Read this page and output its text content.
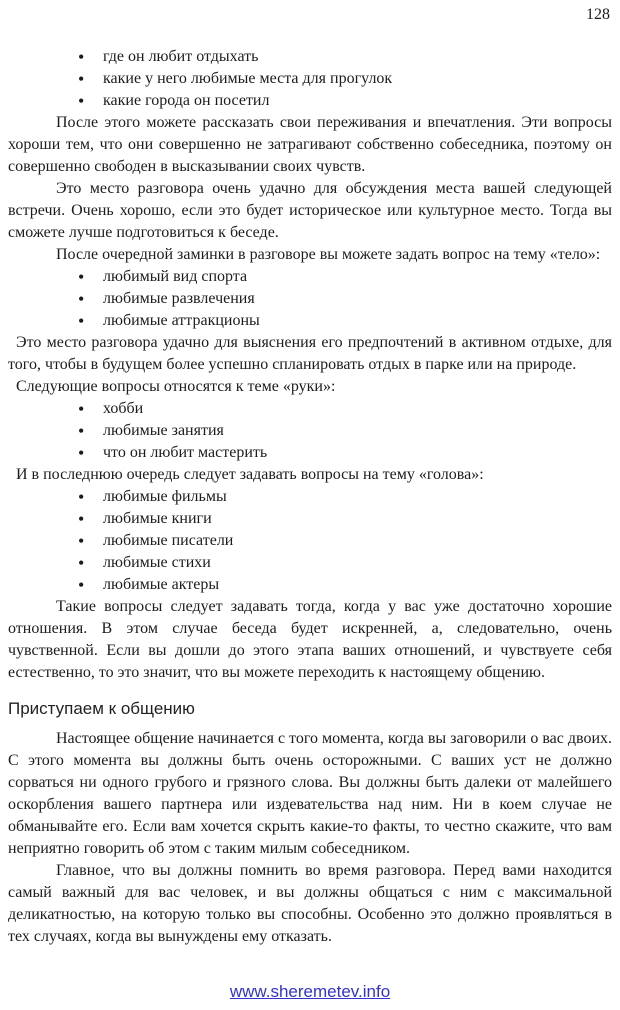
128
• где он любит отдыхать
• какие у него любимые места для прогулок
• какие города он посетил

После этого можете рассказать свои переживания и впечатления. Эти вопросы хороши тем, что они совершенно не затрагивают собственно собеседника, поэтому он совершенно свободен в высказывании своих чувств.

Это место разговора очень удачно для обсуждения места вашей следующей встречи. Очень хорошо, если это будет историческое или культурное место. Тогда вы сможете лучше подготовиться к беседе.

После очередной заминки в разговоре вы можете задать вопрос на тему «тело»:

• любимый вид спорта
• любимые развлечения
• любимые аттракционы

Это место разговора удачно для выяснения его предпочтений в активном отдыхе, для того, чтобы в будущем более успешно спланировать отдых в парке или на природе.

Следующие вопросы относятся к теме «руки»:

• хобби
• любимые занятия
• что он любит мастерить

И в последнюю очередь следует задавать вопросы на тему «голова»:

• любимые фильмы
• любимые книги
• любимые писатели
• любимые стихи
• любимые актеры

Такие вопросы следует задавать тогда, когда у вас уже достаточно хорошие отношения. В этом случае беседа будет искренней, а, следовательно, очень чувственной. Если вы дошли до этого этапа ваших отношений, и чувствуете себя естественно, то это значит, что вы можете переходить к настоящему общению.

Приступаем к общению

Настоящее общение начинается с того момента, когда вы заговорили о вас двоих. С этого момента вы должны быть очень осторожными. С ваших уст не должно сорваться ни одного грубого и грязного слова. Вы должны быть далеки от малейшего оскорбления вашего партнера или издевательства над ним. Ни в коем случае не обманывайте его. Если вам хочется скрыть какие-то факты, то честно скажите, что вам неприятно говорить об этом с таким милым собеседником.

Главное, что вы должны помнить во время разговора. Перед вами находится самый важный для вас человек, и вы должны общаться с ним с максимальной деликатностью, на которую только вы способны. Особенно это должно проявляться в тех случаях, когда вы вынуждены ему отказать.

www.sheremetev.info
